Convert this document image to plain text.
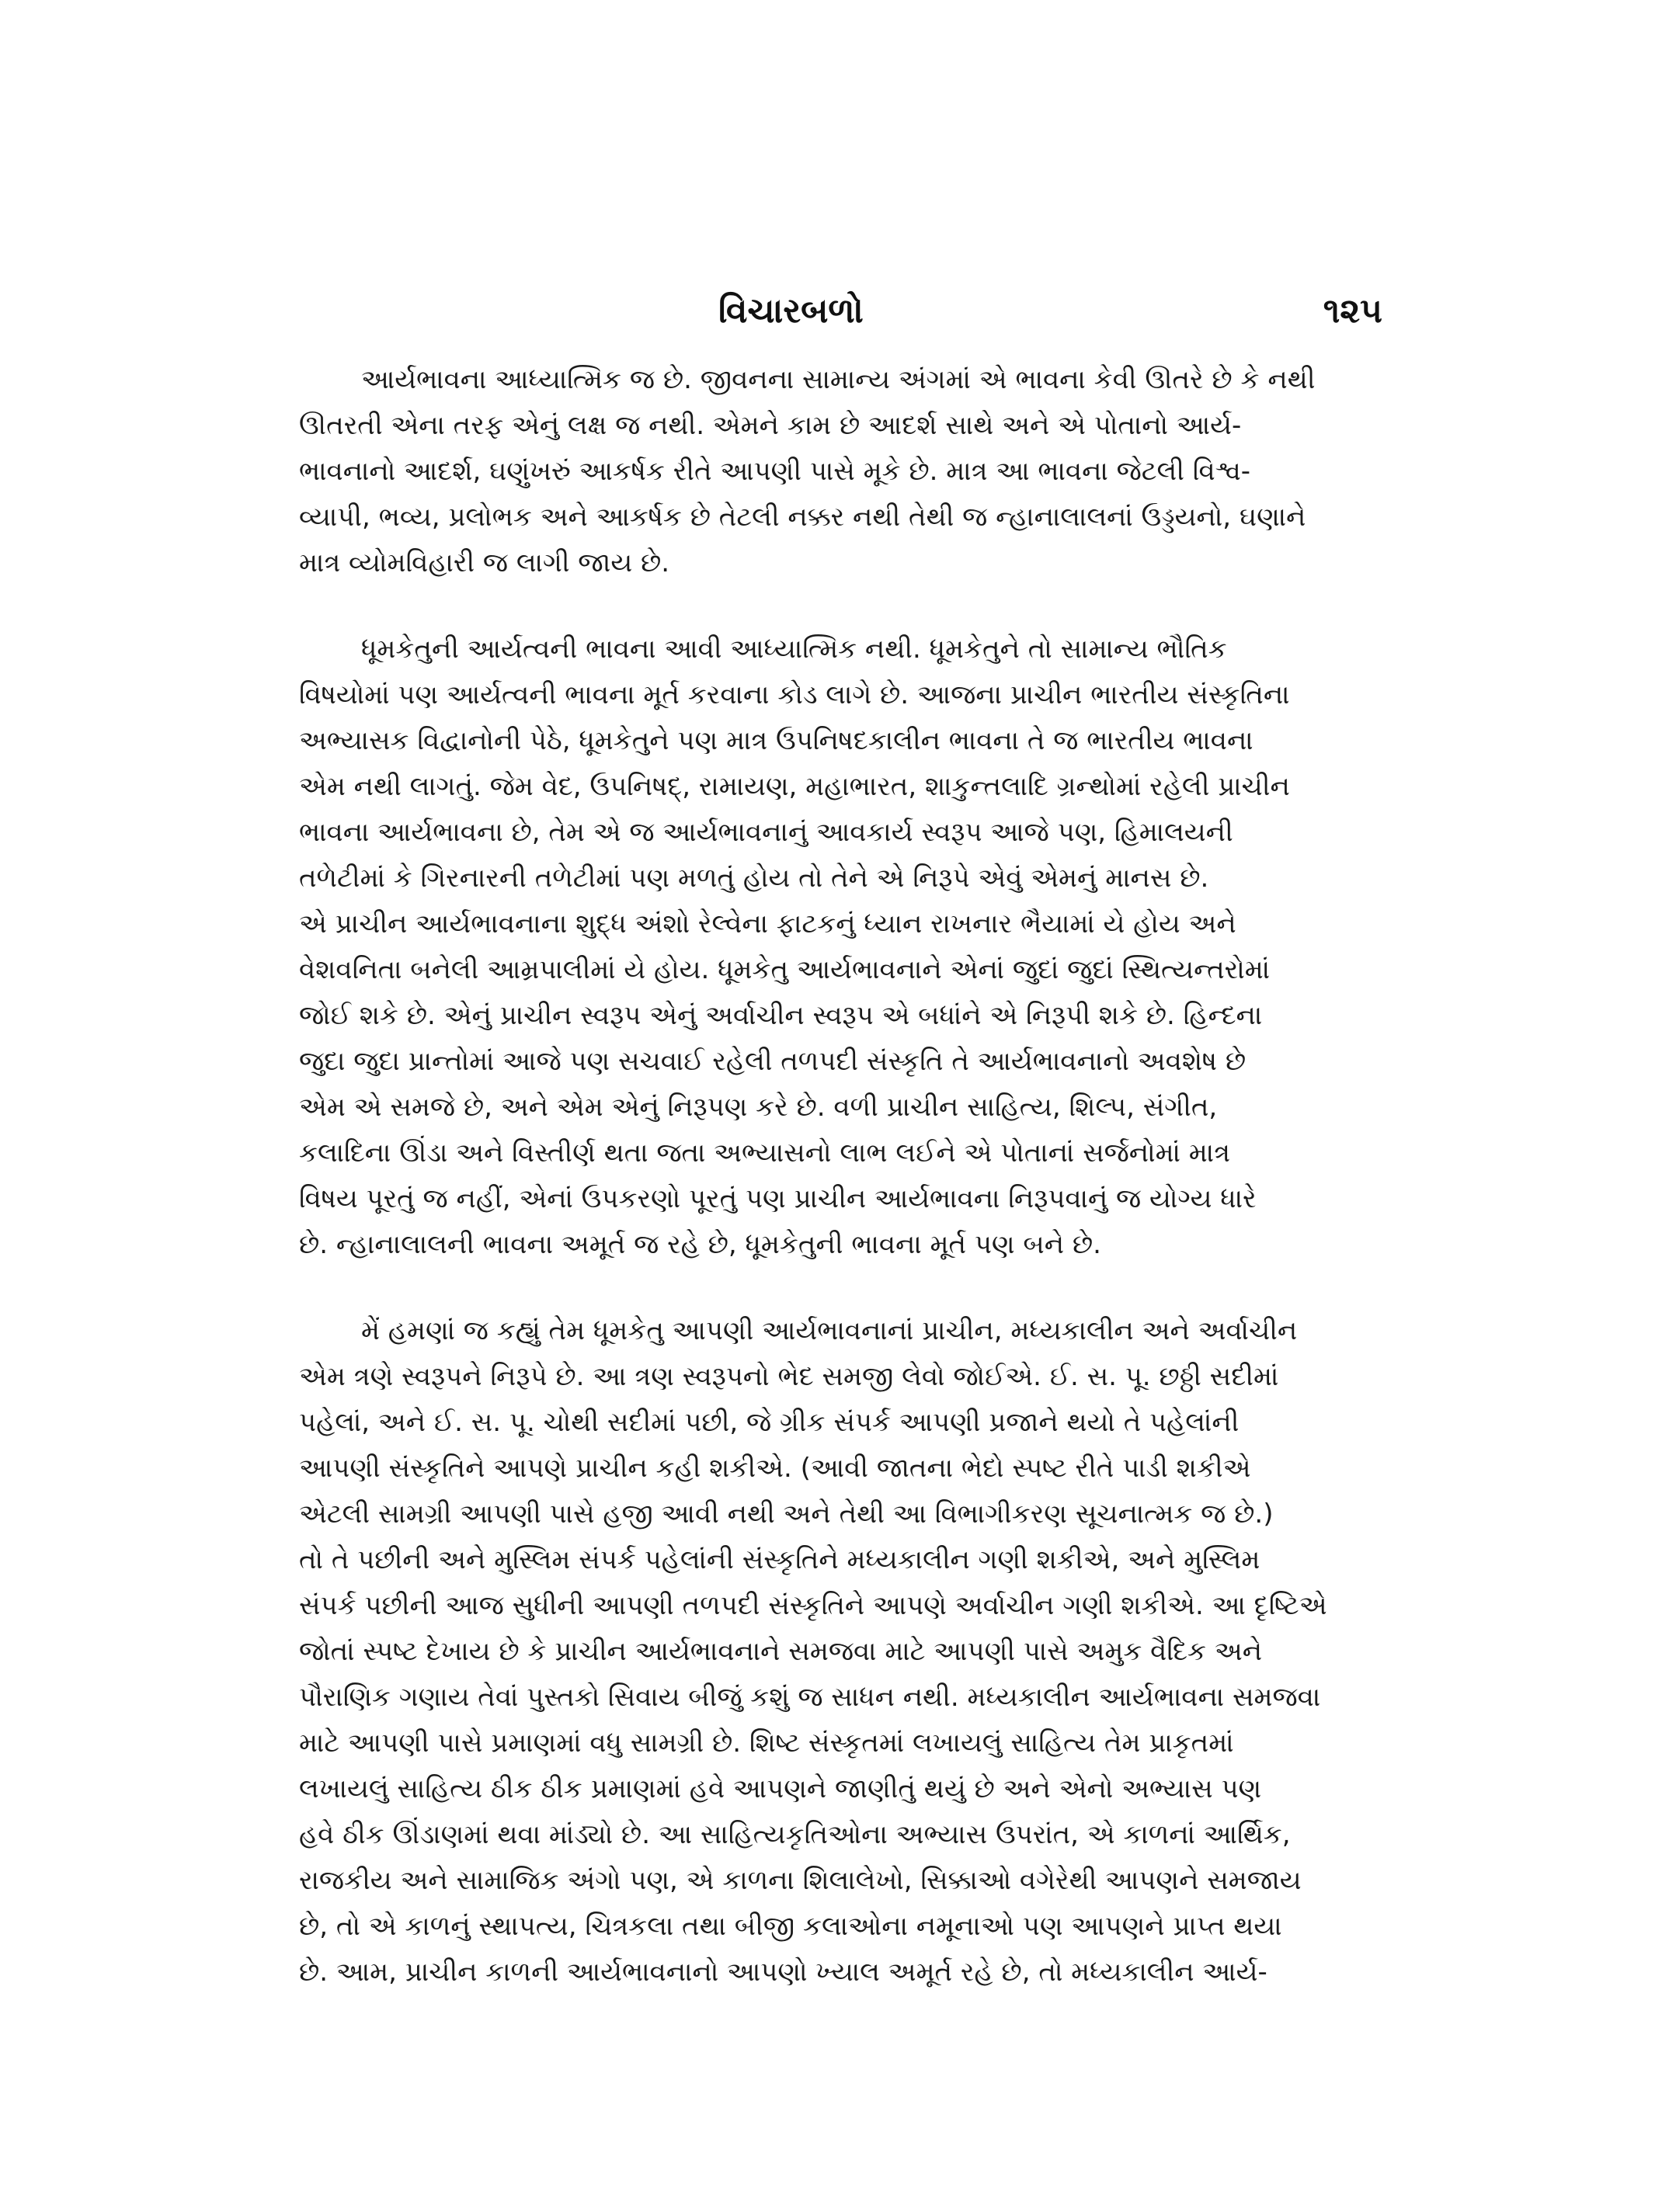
વિચારબળો	૧૨૫
આર્યભાવના આધ્યાત્મિક જ છે. જીવનના સામાન્ય અંગમાં એ ભાવના કેવી ઊતરે છે કે નથી
ઊતરતી એના તરફ એનું લક્ષ જ નથી. એમને કામ છે આદર્શ સાથે અને એ પોતાનો આર્ય-
ભાવનાનો આદર્શ, ઘણુંખરું આકર્ષક રીતે આપણી પાસે મૂકે છે. માત્ર આ ભાવના જેટલી વિશ્વ-
વ્યાપી, ભવ્ય, પ્રલોભક અને આકર્ષક છે તેટલી નક્કર નથી તેથી જ ન્હાનાલાલનાં ઉડ્ડયનો, ઘણાને
માત્ર વ્યોમવિહારી જ લાગી જાય છે.
ધૂમકેતુની આર્યત્વની ભાવના આવી આધ્યાત્મિક નથી. ધૂમકેતુને તો સામાન્ય ભૌતિક
વિષયોમાં પણ આર્યત્વની ભાવના મૂર્ત કરવાના કોડ લાગે છે. આજના પ્રાચીન ભારતીય સંસ્કૃતિના
અભ્યાસક વિદ્વાનોની પેઠે, ધૂમકેતુને પણ માત્ર ઉપનિષદકાલીન ભાવના તે જ ભારતીય ભાવના
એમ નથી લાગતું. જેમ વેદ, ઉપનિષદ્, રામાયણ, મહાભારત, શાકુન્તલાદિ ગ્રન્થોમાં રહેલી પ્રાચીન
ભાવના આર્યભાવના છે, તેમ એ જ આર્યભાવનાનું આવકાર્ય સ્વરૂપ આજે પણ, હિમાલયની
તળેટીમાં કે ગિરનારની તળેટીમાં પણ મળતું હોય તો તેને એ નિરૂપે એવું એમનું માનસ છે.
એ પ્રાચીન આર્યભાવનાના શુદ્ધ અંશો રેલ્વેના ફાટકનું ધ્યાન રાખનાર ભૈયામાં યે હોય અને
વેશવનિતા બનેલી આમ્રપાલીમાં યે હોય. ધૂમકેતુ આર્યભાવનાને એનાં જુદાં જુદાં સ્થિત્યન્તરોમાં
જોઈ શકે છે. એનું પ્રાચીન સ્વરૂપ એનું અર્વાચીન સ્વરૂપ એ બધાંને એ નિરૂપી શકે છે. હિન્દના
જુદા જુદા પ્રાન્તોમાં આજે પણ સચવાઈ રહેલી તળપદી સંસ્કૃતિ તે આર્યભાવનાનો અવશેષ છે
એમ એ સમજે છે, અને એમ એનું નિરૂપણ કરે છે. વળી પ્રાચીન સાહિત્ય, શિલ્પ, સંગીત,
કલાદિના ઊંડા અને વિસ્તીર્ણ થતા જતા અભ્યાસનો લાભ લઈને એ પોતાનાં સર્જનોમાં માત્ર
વિષય પૂરતું જ નહીં, એનાં ઉપકરણો પૂરતું પણ પ્રાચીન આર્યભાવના નિરૂપવાનું જ યોગ્ય ધારે
છે. ન્હાનાલાલની ભાવના અમૂર્ત જ રહે છે, ધૂમકેતુની ભાવના મૂર્ત પણ બને છે.
મેં હમણાં જ કહ્યું તેમ ધૂમકેતુ આપણી આર્યભાવનાનાં પ્રાચીન, મધ્યકાલીન અને અર્વાચીન
એમ ત્રણે સ્વરૂપને નિરૂપે છે. આ ત્રણ સ્વરૂપનો ભેદ સમજી લેવો જોઈએ. ઈ. સ. પૂ. છઠ્ઠી સદીમાં
પહેલાં, અને ઈ. સ. પૂ. ચોથી સદીમાં પછી, જે ગ્રીક સંપર્ક આપણી પ્રજાને થયો તે પહેલાંની
આપણી સંસ્કૃતિને આપણે પ્રાચીન કહી શકીએ. (આવી જાતના ભેદો સ્પષ્ટ રીતે પાડી શકીએ
એટલી સામગ્રી આપણી પાસે હજી આવી નથી અને તેથી આ વિભાગીકરણ સૂચનાત્મક જ છે.)
તો તે પછીની અને મુસ્લિમ સંપર્ક પહેલાંની સંસ્કૃતિને મધ્યકાલીન ગણી શકીએ, અને મુસ્લિમ
સંપર્ક પછીની આજ સુધીની આપણી તળપદી સંસ્કૃતિને આપણે અર્વાચીન ગણી શકીએ. આ દૃષ્ટિએ
જોતાં સ્પષ્ટ દેખાય છે કે પ્રાચીન આર્યભાવનાને સમજવા માટે આપણી પાસે અમુક વૈદિક અને
પૌરાણિક ગણાય તેવાં પુસ્તકો સિવાય બીજું કશું જ સાધન નથી. મધ્યકાલીન આર્યભાવના સમજવા
માટે આપણી પાસે પ્રમાણમાં વધુ સામગ્રી છે. શિષ્ટ સંસ્કૃતમાં લખાયલું સાહિત્ય તેમ પ્રાકૃતમાં
લખાયલું સાહિત્ય ઠીક ઠીક પ્રમાણમાં હવે આપણને જાણીતું થયું છે અને એનો અભ્યાસ પણ
હવે ઠીક ઊંડાણમાં થવા માંડ્યો છે. આ સાહિત્યકૃતિઓના અભ્યાસ ઉપરાંત, એ કાળનાં આર્થિક,
રાજકીય અને સામાજિક અંગો પણ, એ કાળના શિલાલેખો, સિક્કાઓ વગેરેથી આપણને સમજાય
છે, તો એ કાળનું સ્થાપત્ય, ચિત્રકલા તથા બીજી કલાઓના નમૂનાઓ પણ આપણને પ્રાપ્ત થયા
છે. આમ, પ્રાચીન કાળની આર્યભાવનાનો આપણો ખ્યાલ અમૂર્ત રહે છે, તો મધ્યકાલીન આર્ય-
